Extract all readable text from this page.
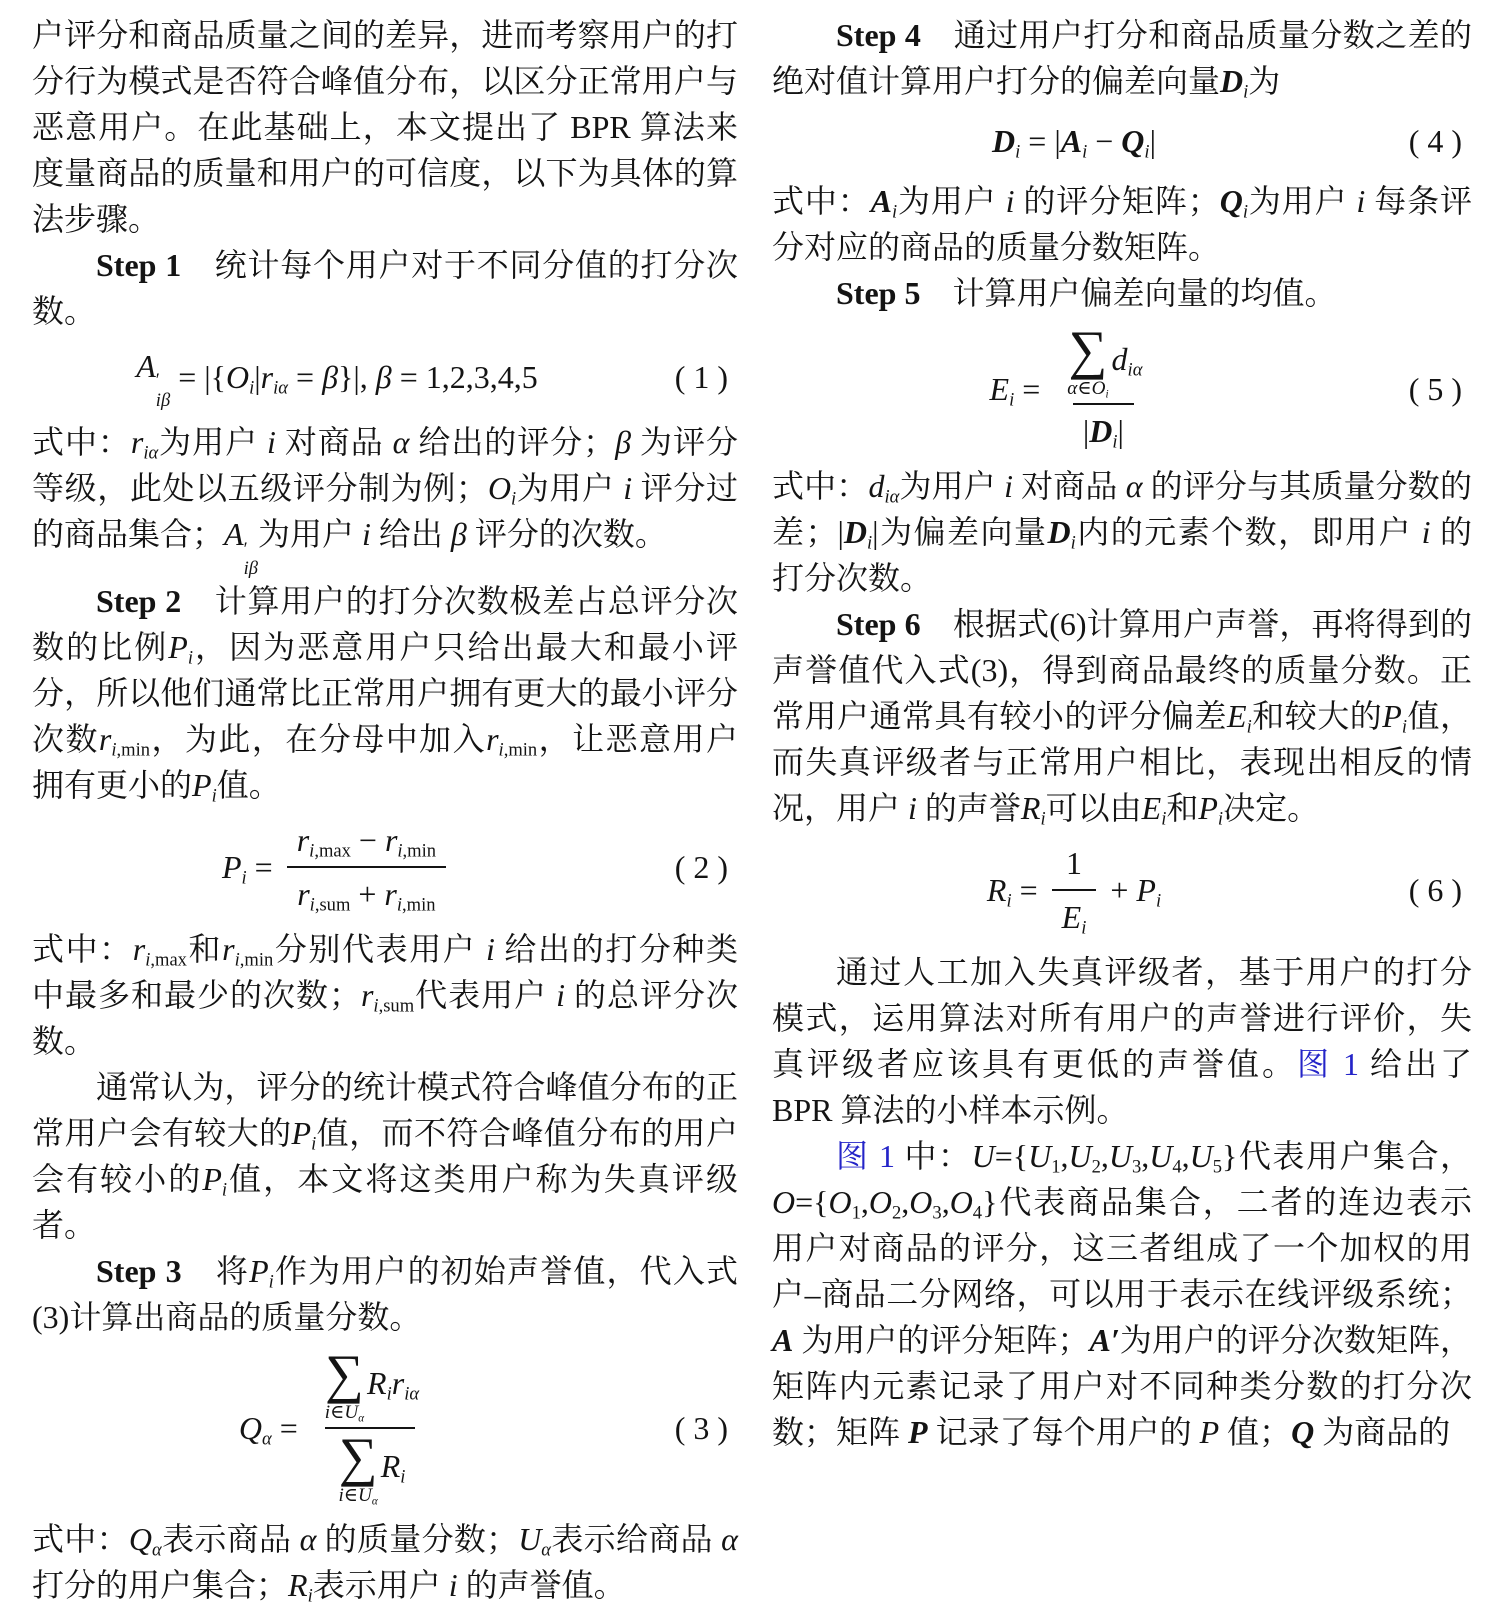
户评分和商品质量之间的差异，进而考察用户的打分行为模式是否符合峰值分布，以区分正常用户与恶意用户。在此基础上，本文提出了 BPR 算法来度量商品的质量和用户的可信度，以下为具体的算法步骤。

Step 1　统计每个用户对于不同分值的打分次数。

A ′
iβ
= |{ $O_i$ | $r_{i\alpha} = \beta$ }|, β = 1,2,3,4,5	( 1 )

式中：$r_{i\alpha}$为用户 i 对商品 α 给出的评分；β 为评分等级，此处以五级评分制为例；$O_i$为用户 i 评分过的商品集合；A ′
iβ
为用户 i 给出 β 评分的次数。

Step 2　计算用户的打分次数极差占总评分次数的比例$P_i$，因为恶意用户只给出最大和最小评分，所以他们通常比正常用户拥有更大的最小评分次数$r_{i,min}$，为此，在分母中加入$r_{i,min}$，让恶意用户拥有更小的$P_i$值。

$P_i = \frac{r_{i,max} - r_{i,min}}{r_{i,sum} + r_{i,min}}$	( 2 )

式中：$r_{i,max}$和$r_{i,min}$分别代表用户 i 给出的打分种类中最多和最少的次数；$r_{i,sum}$代表用户 i 的总评分次数。

通常认为，评分的统计模式符合峰值分布的正常用户会有较大的$P_i$值，而不符合峰值分布的用户会有较小的$P_i$值，本文将这类用户称为失真评级者。

Step 3　将$P_i$作为用户的初始声誉值，代入式(3)计算出商品的质量分数。

$Q_\alpha$ = ∑
$i\in U_\alpha$
$R_ir_{i\alpha}$
∑
$i\in U_\alpha$
$R_i$	( 3 )

式中：$Q_\alpha$表示商品 α 的质量分数；$U_\alpha$表示给商品 α 打分的用户集合；$R_i$表示用户 i 的声誉值。

Step 4　通过用户打分和商品质量分数之差的绝对值计算用户打分的偏差向量$D_i$为

$D_i$ = | $A_i - Q_i$ |	( 4 )

式中：$A_i$为用户 i 的评分矩阵；$Q_i$为用户 i 每条评分对应的商品的质量分数矩阵。

Step 5　计算用户偏差向量的均值。

$E_i$ = ∑
$\alpha\in O_i$
$d_{i\alpha}$
$|D_i|$	( 5 )

式中：$d_{i\alpha}$为用户 i 对商品 α 的评分与其质量分数的差；$|D_i|$为偏差向量$D_i$内的元素个数，即用户 i 的打分次数。

Step 6　根据式(6)计算用户声誉，再将得到的声誉值代入式(3)，得到商品最终的质量分数。正常用户通常具有较小的评分偏差$E_i$和较大的$P_i$值，而失真评级者与正常用户相比，表现出相反的情况，用户 i 的声誉$R_i$可以由$E_i$和$P_i$决定。

$R_i = \frac{1}{E_i} + P_i$	( 6 )

通过人工加入失真评级者，基于用户的打分模式，运用算法对所有用户的声誉进行评价，失真评级者应该具有更低的声誉值。图 1 给出了 BPR 算法的小样本示例。

图 1 中：$U=\{U_1,U_2,U_3,U_4,U_5\}$代表用户集合，$O=\{O_1,O_2,O_3,O_4\}$代表商品集合，二者的连边表示用户对商品的评分，这三者组成了一个加权的用户–商品二分网络，可以用于表示在线评级系统；A 为用户的评分矩阵；A′为用户的评分次数矩阵，矩阵内元素记录了用户对不同种类分数的打分次数；矩阵 P 记录了每个用户的 P 值；Q 为商品的
